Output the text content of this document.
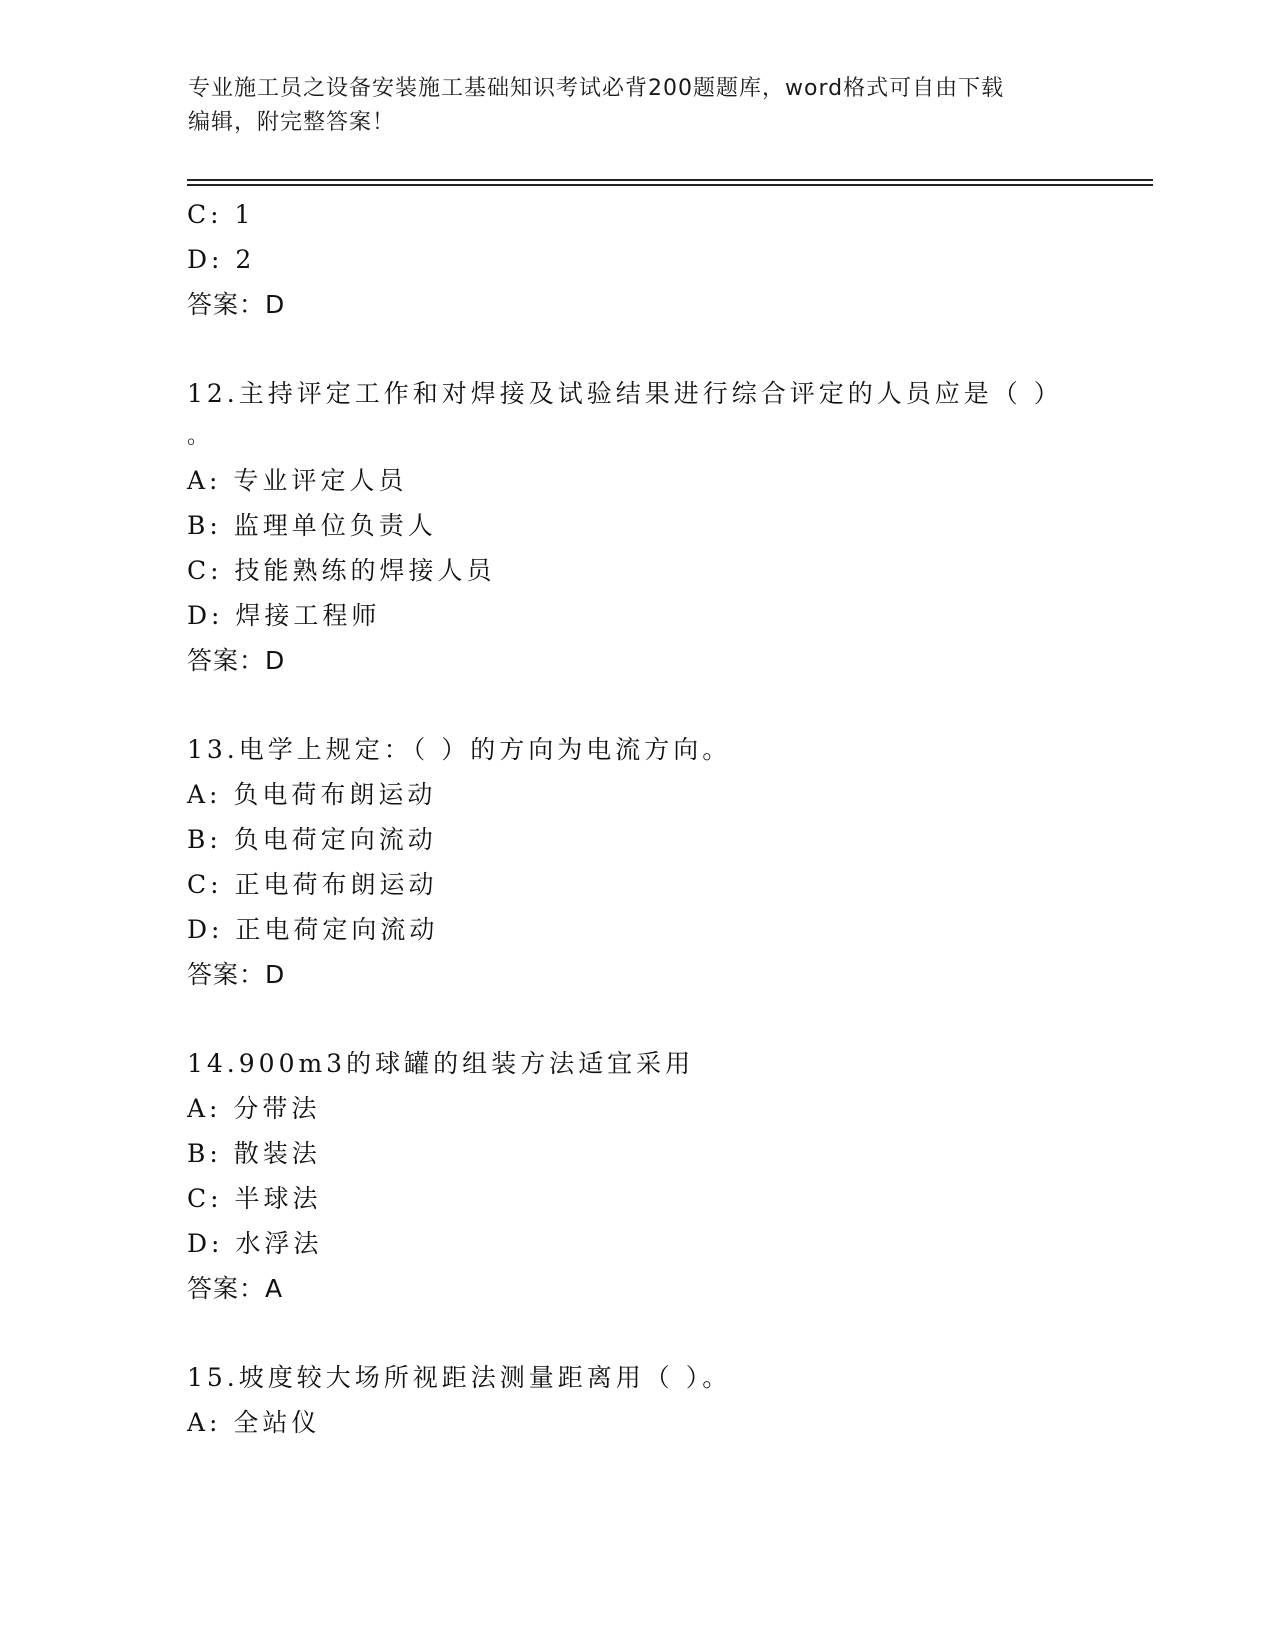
专业施工员之设备安装施工基础知识考试必背200题题库，word格式可自由下载
编辑，附完整答案！
C: 1
D: 2
答案：D
12.主持评定工作和对焊接及试验结果进行综合评定的人员应是（ ）
。
A: 专业评定人员
B: 监理单位负责人
C: 技能熟练的焊接人员
D: 焊接工程师
答案：D
13.电学上规定：（ ）的方向为电流方向。
A: 负电荷布朗运动
B: 负电荷定向流动
C: 正电荷布朗运动
D: 正电荷定向流动
答案：D
14.900m3的球罐的组装方法适宜采用
A: 分带法
B: 散装法
C: 半球法
D: 水浮法
答案：A
15.坡度较大场所视距法测量距离用（ ）。
A: 全站仪
